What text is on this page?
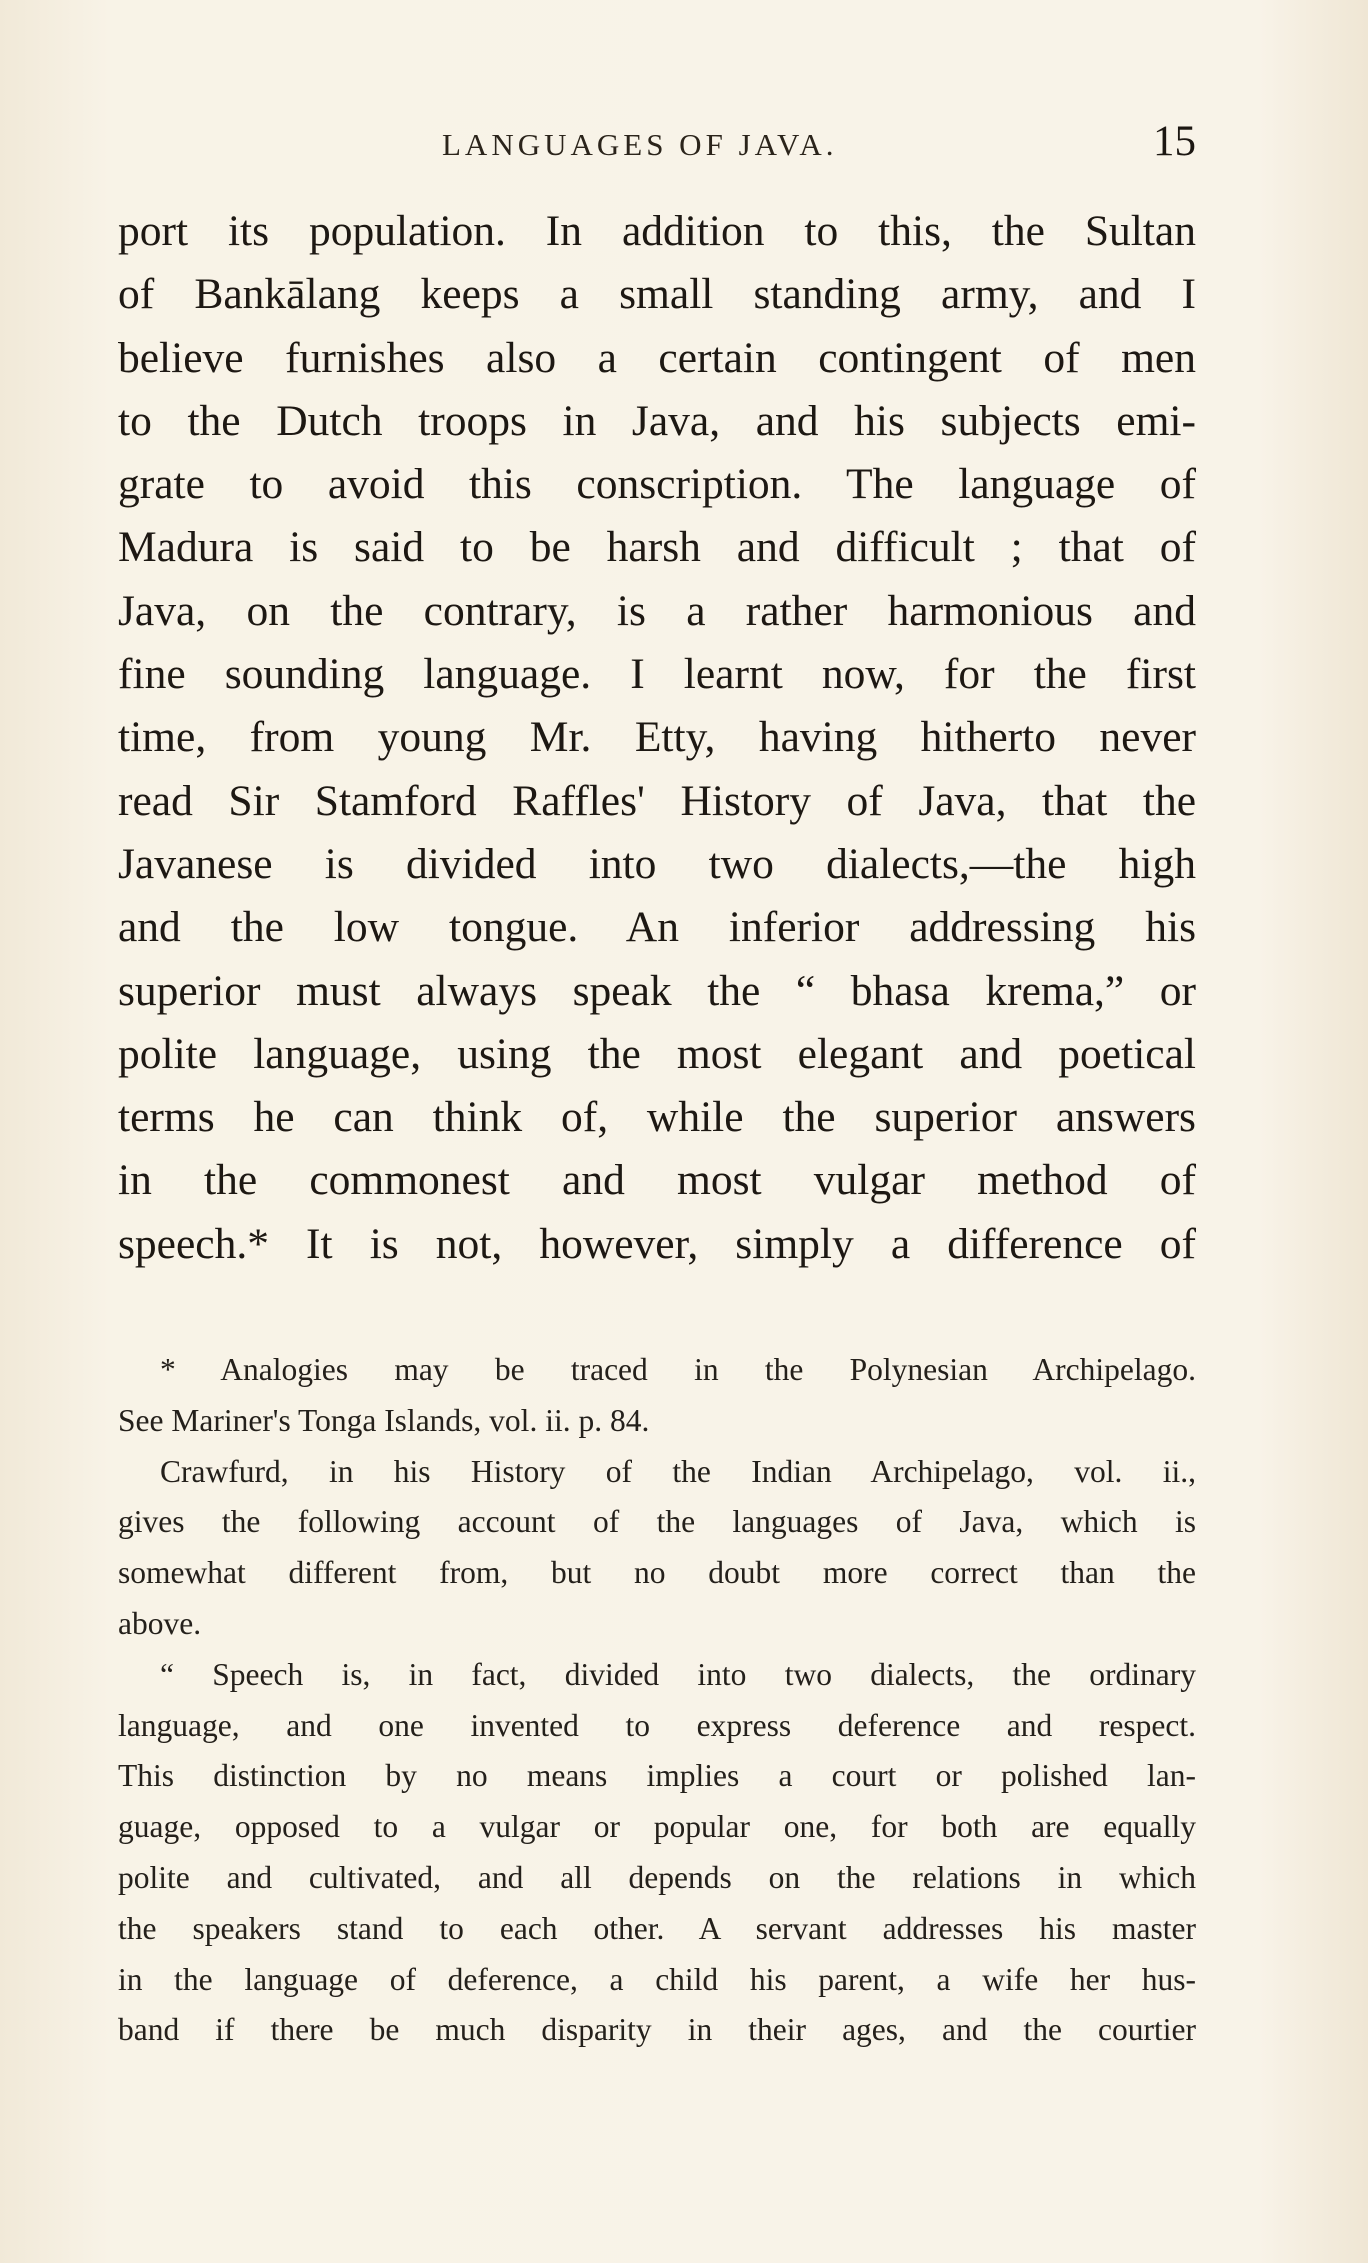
LANGUAGES OF JAVA.	15
port its population. In addition to this, the Sultan
of Bankālang keeps a small standing army, and I
believe furnishes also a certain contingent of men
to the Dutch troops in Java, and his subjects emi-
grate to avoid this conscription. The language of
Madura is said to be harsh and difficult ; that of
Java, on the contrary, is a rather harmonious and
fine sounding language. I learnt now, for the first
time, from young Mr. Etty, having hitherto never
read Sir Stamford Raffles' History of Java, that the
Javanese is divided into two dialects,—the high
and the low tongue. An inferior addressing his
superior must always speak the “ bhasa krema,” or
polite language, using the most elegant and poetical
terms he can think of, while the superior answers
in the commonest and most vulgar method of
speech.* It is not, however, simply a difference of
* Analogies may be traced in the Polynesian Archipelago.
See Mariner's Tonga Islands, vol. ii. p. 84.
Crawfurd, in his History of the Indian Archipelago, vol. ii.,
gives the following account of the languages of Java, which is
somewhat different from, but no doubt more correct than the
above.
“ Speech is, in fact, divided into two dialects, the ordinary
language, and one invented to express deference and respect.
This distinction by no means implies a court or polished lan-
guage, opposed to a vulgar or popular one, for both are equally
polite and cultivated, and all depends on the relations in which
the speakers stand to each other. A servant addresses his master
in the language of deference, a child his parent, a wife her hus-
band if there be much disparity in their ages, and the courtier
